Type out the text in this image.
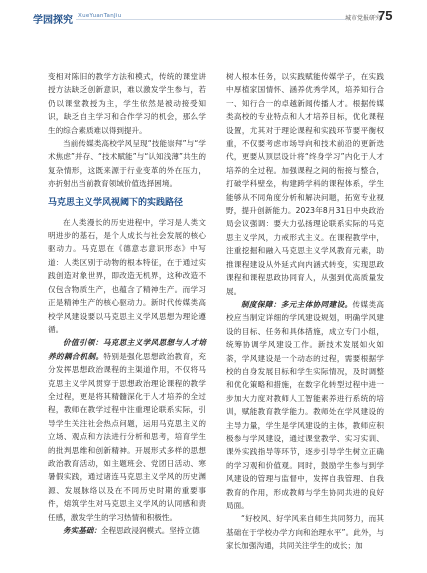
学园探究 XueYuanTanJiu	城市党报研究
75

变相对陈旧的教学方法和模式，传统的课堂讲授方法缺乏创新意识，难以激发学生参与，若仍以课堂教授为主，学生依然是被动接受知识，缺乏自主学习和合作学习的机会，那么学生的综合素质难以得到提升。

当前传媒类高校学风呈现“技能崇拜”与“学术焦虑”并存、“技术赋能”与“认知浅薄”共生的复杂情形，这既来源于行业变革的外在压力，亦折射出当前教育领域价值选择困境。

马克思主义学风视阈下的实践路径

在人类漫长的历史进程中，学习是人类文明进步的基石，是个人成长与社会发展的核心驱动力。马克思在《德意志意识形态》中写道：人类区别于动物的根本特征，在于通过实践创造对象世界，即改造无机界，这种改造不仅包含物质生产，也蕴含了精神生产。而学习正是精神生产的核心驱动力。新时代传媒类高校学风建设要以马克思主义学风思想为理论遵循。

价值引领：马克思主义学风思想与人才培养的耦合机制。特别是强化思想政治教育，充分发挥思想政治课程的主渠道作用，不仅将马克思主义学风贯穿于思想政治理论课程的教学全过程，更是将其精髓深化于人才培养的全过程，教师在教学过程中注重理论联系实际，引导学生关注社会热点问题，运用马克思主义的立场、观点和方法进行分析和思考，培育学生的批判思维和创新精神。开展形式多样的思想政治教育活动，如主题班会、党团日活动、寒暑假实践，通过诸连马克思主义学风的历史渊源、发展脉络以及在不同历史时期的重要事件，熔筑学生对马克思主义学风的认同感和责任感，激发学生的学习热情和积极性。

务实基础：全程思政浸润模式。坚持立德

树人根本任务，以实践赋能传媒学子，在实践中厚植家国情怀、涵养优秀学风，培养知行合一、知行合一的卓越新闻传播人才。根据传媒类高校的专业特点和人才培养目标，优化课程设置，尤其对于理论课程和实践环节要平衡权重，不仅要考虑市场导向和技术前沿的更新迭代，更要从顶层设计将“终身学习”内化于人才培养的全过程。加强课程之间的衔接与整合，打破学科壁垒，构建跨学科的课程体系，学生能够从不同角度分析和解决问题，拓宽专业视野，提升创新能力。2023年8月31日中央政治局会议强调：要大力弘扬理论联系实际的马克思主义学风，力戒形式主义。在课程教学中，注重挖掘和融入马克思主义学风教育元素，助推课程建设从外延式向内涵式转变，实现思政课程和课程思政协同育人，从强到优高质量发展。

制度保障：多元主体协同建设。传媒类高校应当制定详细的学风建设规划，明确学风建设的目标、任务和具体措施，成立专门小组，统筹协调学风建设工作。新技术发展如火如荼，学风建设是一个动态的过程，需要根据学校的自身发展目标和学生实际情况，及时调整和优化策略和措施，在数字化转型过程中进一步加大力度对教师人工智能素养进行系统的培训，赋能教育教学能力。教师处在学风建设的主导力量，学生是学风建设的主体，教师应积极参与学风建设，通过课堂教学、实习实训、课外实践指导等环节，逐步引导学生树立正确的学习观和价值观。同时，鼓励学生参与到学风建设的管理与监督中，发挥自我管理、自我教育的作用，形成教师与学生协同共进的良好局面。

“好校风、好学风来自师生共同努力，而其基础在于学校办学方向和治理水平”。此外，与家长加强沟通，共同关注学生的成长；加
